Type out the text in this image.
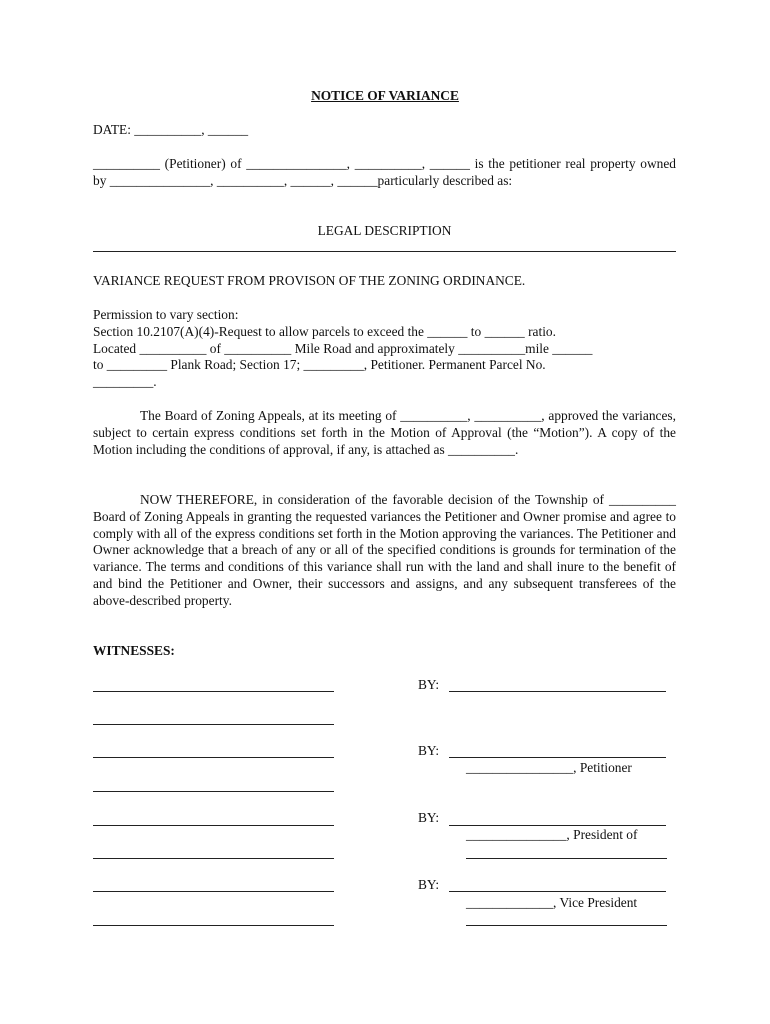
NOTICE OF VARIANCE
DATE: __________, ______
__________ (Petitioner) of _______________, __________, ______ is the petitioner real property owned by _______________, __________, ______, ______particularly described as:
LEGAL DESCRIPTION
VARIANCE REQUEST FROM PROVISON OF THE ZONING ORDINANCE.
Permission to vary section:
Section 10.2107(A)(4)-Request to allow parcels to exceed the ______ to ______ ratio.
Located __________ of __________ Mile Road and approximately __________mile ______
to _________ Plank Road; Section 17; _________, Petitioner. Permanent Parcel No.
_________.
The Board of Zoning Appeals, at its meeting of __________, __________, approved the variances, subject to certain express conditions set forth in the Motion of Approval (the “Motion”). A copy of the Motion including the conditions of approval, if any, is attached as __________.
NOW THEREFORE, in consideration of the favorable decision of the Township of __________ Board of Zoning Appeals in granting the requested variances the Petitioner and Owner promise and agree to comply with all of the express conditions set forth in the Motion approving the variances. The Petitioner and Owner acknowledge that a breach of any or all of the specified conditions is grounds for termination of the variance. The terms and conditions of this variance shall run with the land and shall inure to the benefit of and bind the Petitioner and Owner, their successors and assigns, and any subsequent transferees of the above-described property.
WITNESSES:
BY:
BY:
________________, Petitioner
BY:
_______________, President of
BY:
_____________, Vice President
